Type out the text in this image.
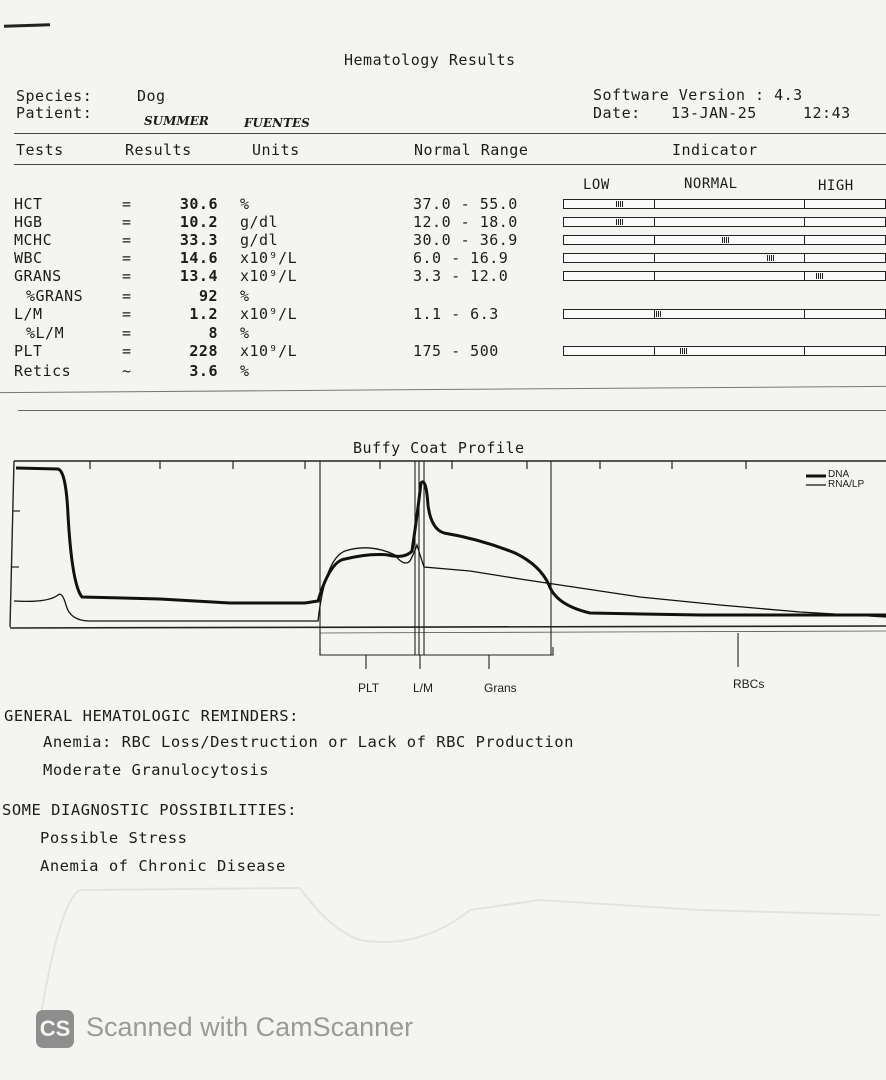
Hematology Results
Species:	Dog
Patient:	SUMMER	FUENTES
Software Version : 4.3
Date: 13-JAN-25	12:43
Tests	Results	Units	Normal Range	Indicator
LOW	NORMAL	HIGH
HCT	=	30.6 %	37.0 - 55.0
HGB	=	10.2 g/dl	12.0 - 18.0
MCHC	=	33.3 g/dl	30.0 - 36.9
WBC	=	14.6 x10⁹/L	6.0 - 16.9
GRANS	=	13.4 x10⁹/L	3.3 - 12.0
%GRANS	=	92 %
L/M	=	1.2 x10⁹/L	1.1 - 6.3
%L/M	=	8 %
PLT	=	228 x10⁹/L	175 - 500
Retics	~	3.6 %
Buffy Coat Profile
DNA
RNA/LP
PLT	L/M	Grans	RBCs
GENERAL HEMATOLOGIC REMINDERS:
Anemia: RBC Loss/Destruction or Lack of RBC Production
Moderate Granulocytosis
SOME DIAGNOSTIC POSSIBILITIES:
Possible Stress
Anemia of Chronic Disease
CS Scanned with CamScanner
